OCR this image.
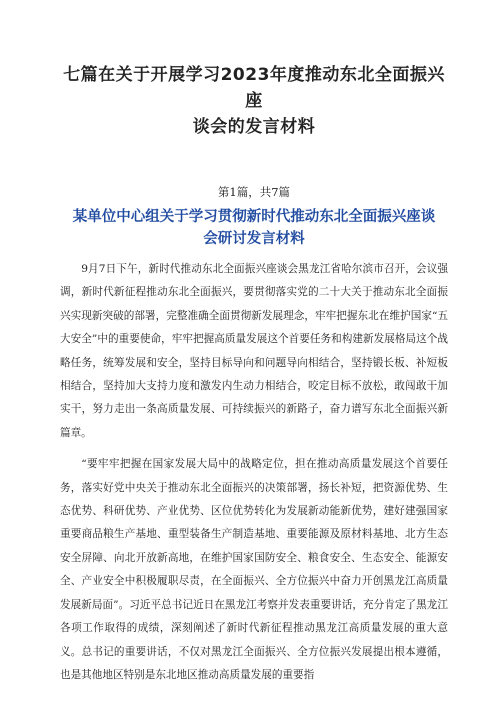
七篇在关于开展学习2023年度推动东北全面振兴座
谈会的发言材料
第1篇，共7篇
某单位中心组关于学习贯彻新时代推动东北全面振兴座谈
会研讨发言材料

9月7日下午，新时代推动东北全面振兴座谈会黑龙江省哈尔滨市召开，会议强调，新时代新征程推动东北全面振兴，要贯彻落实党的二十大关于推动东北全面振兴实现新突破的部署，完整准确全面贯彻新发展理念，牢牢把握东北在维护国家“五大安全”中的重要使命，牢牢把握高质量发展这个首要任务和构建新发展格局这个战略任务，统筹发展和安全，坚持目标导向和问题导向相结合，坚持锻长板、补短板相结合，坚持加大支持力度和激发内生动力相结合，咬定目标不放松，敢闯敢干加实干，努力走出一条高质量发展、可持续振兴的新路子，奋力谱写东北全面振兴新篇章。

“要牢牢把握在国家发展大局中的战略定位，担在推动高质量发展这个首要任务，落实好党中央关于推动东北全面振兴的决策部署，扬长补短，把资源优势、生态优势、科研优势、产业优势、区位优势转化为发展新动能新优势，建好建强国家重要商品粮生产基地、重型装备生产制造基地、重要能源及原材料基地、北方生态安全屏障、向北开放新高地，在维护国家国防安全、粮食安全、生态安全、能源安全、产业安全中积极履职尽责，在全面振兴、全方位振兴中奋力开创黑龙江高质量发展新局面”。习近平总书记近日在黑龙江考察并发表重要讲话，充分肯定了黑龙江各项工作取得的成绩，深刻阐述了新时代新征程推动黑龙江高质量发展的重大意义。总书记的重要讲话，不仅对黑龙江全面振兴、全方位振兴发展提出根本遵循，也是其他地区特别是东北地区推动高质量发展的重要指
